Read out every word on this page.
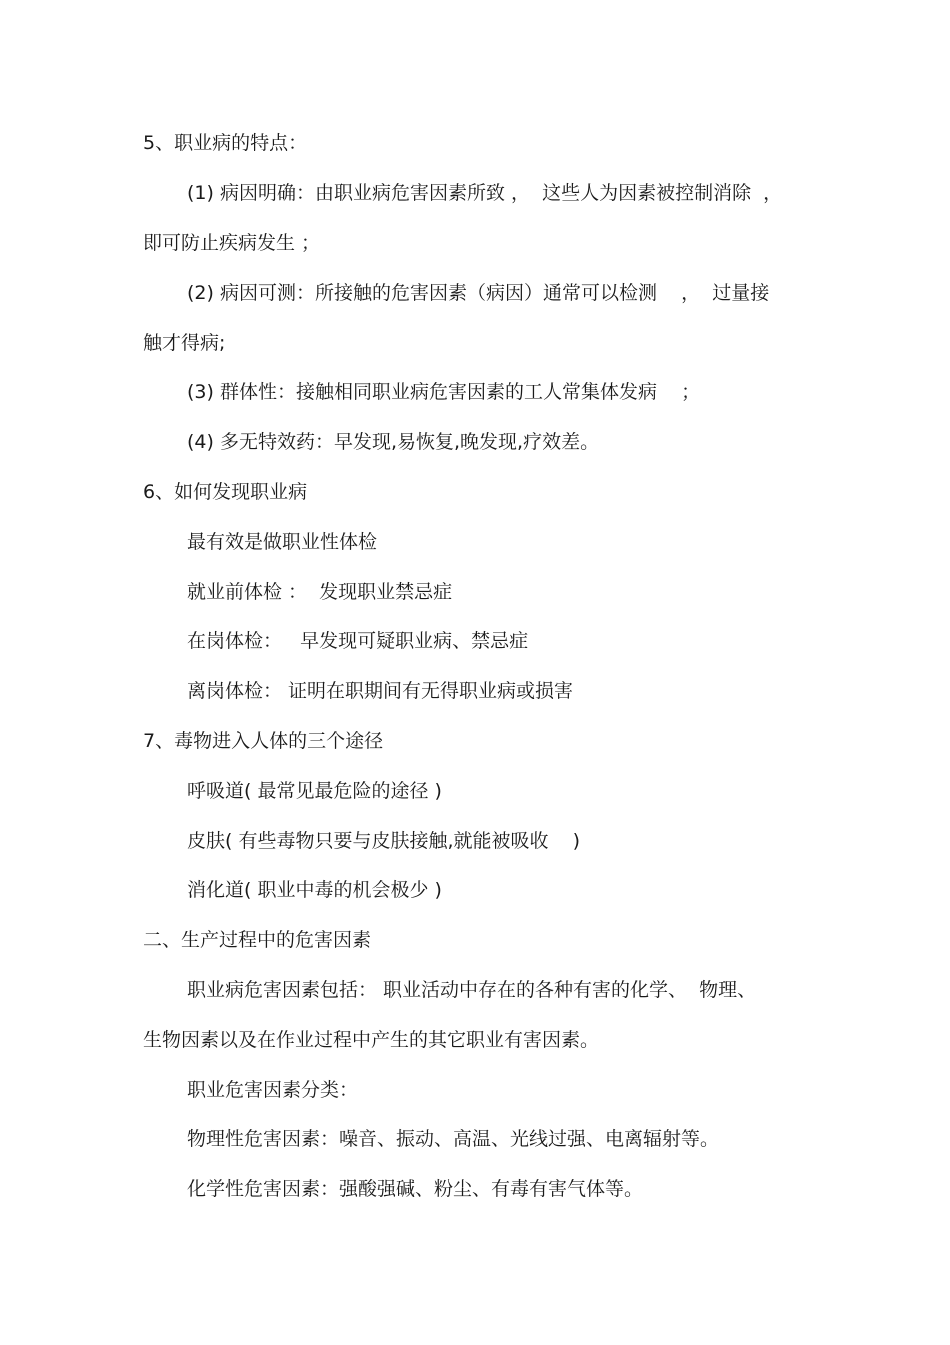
5、职业病的特点：
(1) 病因明确：由职业病危害因素所致 ，  这些人为因素被控制消除  ，
即可防止疾病发生 ；
(2) 病因可测：所接触的危害因素（病因）通常可以检测    ，  过量接
触才得病;
(3) 群体性：接触相同职业病危害因素的工人常集体发病    ；
(4) 多无特效药：早发现,易恢复,晚发现,疗效差。
6、如何发现职业病
最有效是做职业性体检
就业前体检 ：  发现职业禁忌症
在岗体检：   早发现可疑职业病、禁忌症
离岗体检： 证明在职期间有无得职业病或损害
7、毒物进入人体的三个途径
呼吸道( 最常见最危险的途径 )
皮肤( 有些毒物只要与皮肤接触,就能被吸收    )
消化道( 职业中毒的机会极少 )
二、生产过程中的危害因素
职业病危害因素包括： 职业活动中存在的各种有害的化学、  物理、
生物因素以及在作业过程中产生的其它职业有害因素。
职业危害因素分类：
物理性危害因素：噪音、振动、高温、光线过强、电离辐射等。
化学性危害因素：强酸强碱、粉尘、有毒有害气体等。
